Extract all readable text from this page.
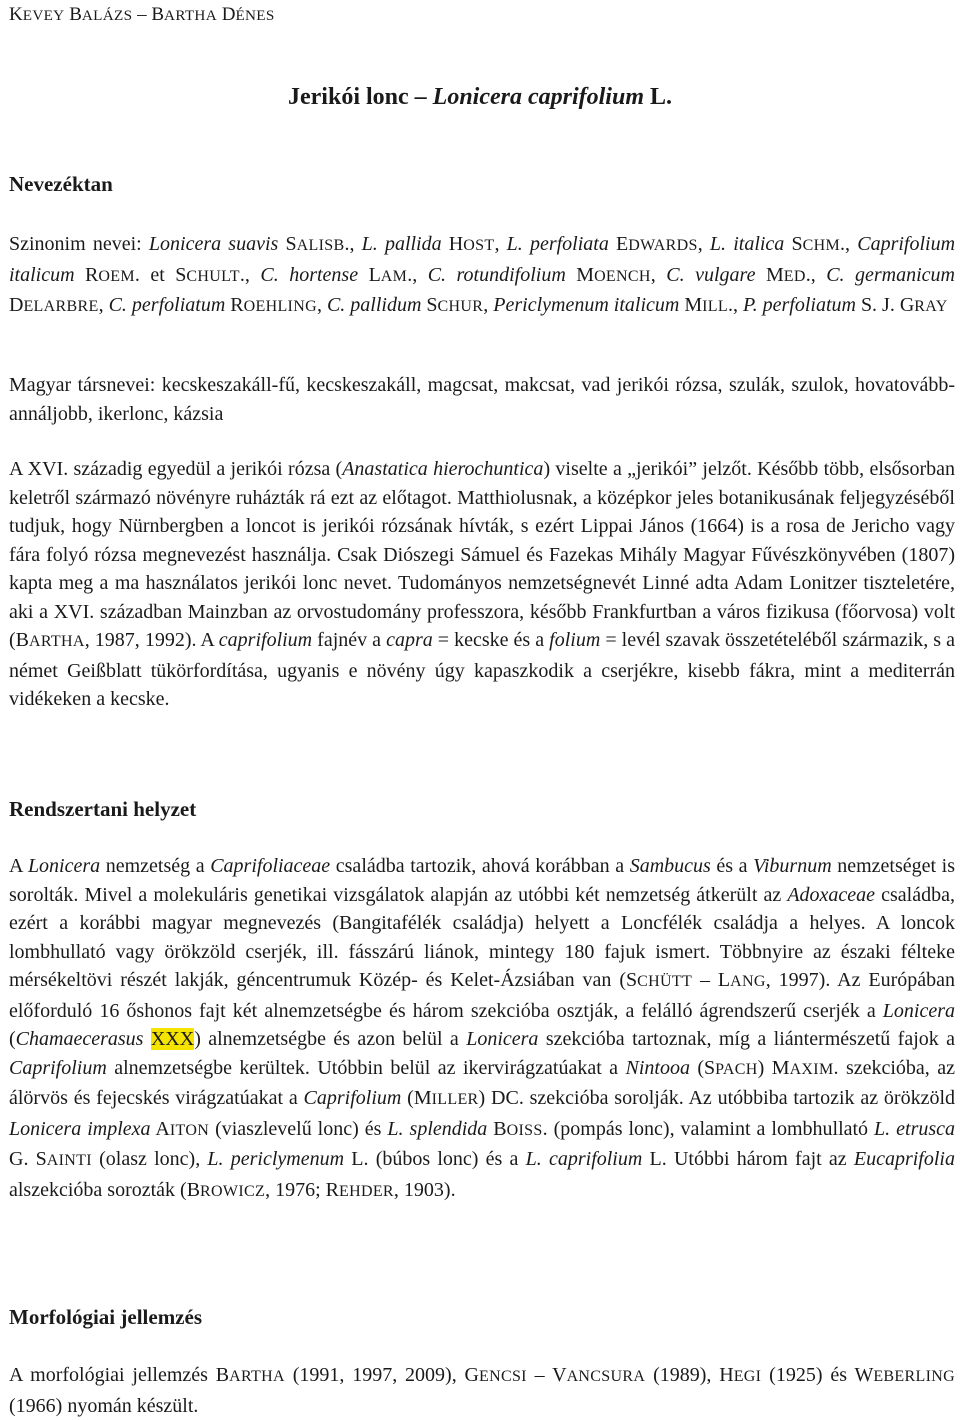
KEVEY BALÁZS – BARTHA DÉNES
Jerikói lonc – Lonicera caprifolium L.
Nevezéktan

Szinonim nevei: Lonicera suavis SALISB., L. pallida HOST, L. perfoliata EDWARDS, L. italica SCHM., Caprifolium italicum ROEM. et SCHULT., C. hortense LAM., C. rotundifolium MOENCH, C. vulgare MED., C. germanicum DELARBRE, C. perfoliatum ROEHLING, C. pallidum SCHUR, Periclymenum italicum MILL., P. perfoliatum S. J. GRAY

Magyar társnevei: kecskeszakáll-fű, kecskeszakáll, magcsat, makcsat, vad jerikói rózsa, szulák, szulok, hovatovább-annáljobb, ikerlonc, kázsia

A XVI. századig egyedül a jerikói rózsa (Anastatica hierochuntica) viselte a „jerikói” jelzőt. Később több, elsősorban keletről származó növényre ruházták rá ezt az előtagot. Matthiolusnak, a középkor jeles botanikusának feljegyzéséből tudjuk, hogy Nürnbergben a loncot is jerikói rózsának hívták, s ezért Lippai János (1664) is a rosa de Jericho vagy fára folyó rózsa megnevezést használja. Csak Diószegi Sámuel és Fazekas Mihály Magyar Fűvészkönyvében (1807) kapta meg a ma használatos jerikói lonc nevet. Tudományos nemzetségnevét Linné adta Adam Lonitzer tiszteletére, aki a XVI. században Mainzban az orvostudomány professzora, később Frankfurtban a város fizikusa (főorvosa) volt (BARTHA, 1987, 1992). A caprifolium fajnév a capra = kecske és a folium = levél szavak összetételéből származik, s a német Geißblatt tükörfordítása, ugyanis e növény úgy kapaszkodik a cserjékre, kisebb fákra, mint a mediterrán vidékeken a kecske.

Rendszertani helyzet

A Lonicera nemzetség a Caprifoliaceae családba tartozik, ahová korábban a Sambucus és a Viburnum nemzetséget is sorolták. Mivel a molekuláris genetikai vizsgálatok alapján az utóbbi két nemzetség átkerült az Adoxaceae családba, ezért a korábbi magyar megnevezés (Bangitafélék családja) helyett a Loncfélék családja a helyes. A loncok lombhullató vagy örökzöld cserjék, ill. fásszárú liánok, mintegy 180 fajuk ismert. Többnyire az északi félteke mérsékeltövi részét lakják, géncentrumuk Közép- és Kelet-Ázsiában van (SCHÜTT – LANG, 1997). Az Európában előforduló 16 őshonos fajt két alnemzetségbe és három szekcióba osztják, a felálló ágrendszerű cserjék a Lonicera (Chamaecerasus XXX) alnemzetségbe és azon belül a Lonicera szekcióba tartoznak, míg a liántermészetű fajok a Caprifolium alnemzetségbe kerültek. Utóbbin belül az ikervirágzatúakat a Nintooa (SPACH) MAXIM. szekcióba, az álörvös és fejecskés virágzatúakat a Caprifolium (MILLER) DC. szekcióba sorolják. Az utóbbiba tartozik az örökzöld Lonicera implexa AITON (viaszlevelű lonc) és L. splendida BOISS. (pompás lonc), valamint a lombhullató L. etrusca G. SAINTI (olasz lonc), L. periclymenum L. (búbos lonc) és a L. caprifolium L. Utóbbi három fajt az Eucaprifolia alszekcióba sorozták (BROWICZ, 1976; REHDER, 1903).

Morfológiai jellemzés

A morfológiai jellemzés BARTHA (1991, 1997, 2009), GENCSI – VANCSURA (1989), HEGI (1925) és WEBERLING (1966) nyomán készült.
